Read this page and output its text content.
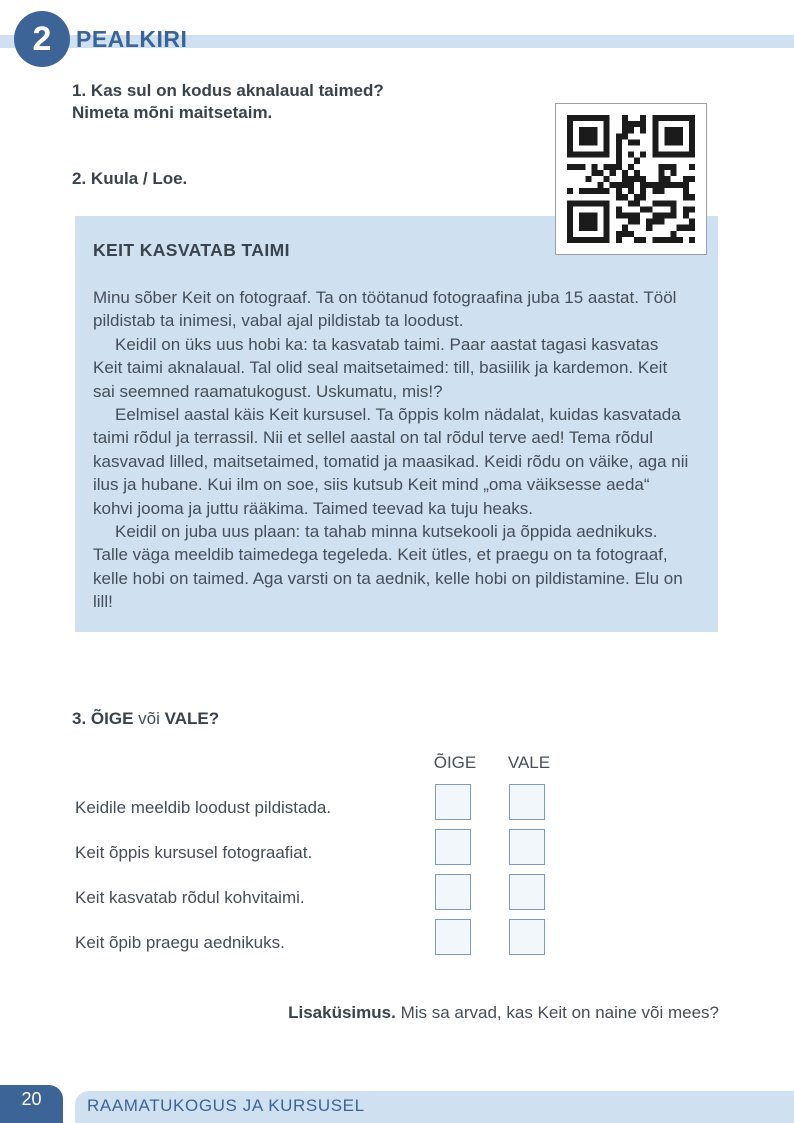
2 PEALKIRI

1. Kas sul on kodus aknalaual taimed?

Nimeta mõni maitsetaim.

2. Kuula / Loe.

KEIT KASVATAB TAIMI

Minu sõber Keit on fotograaf. Ta on töötanud fotograafina juba 15 aastat. Tööl pildistab ta inimesi, vabal ajal pildistab ta loodust.

Keidil on üks uus hobi ka: ta kasvatab taimi. Paar aastat tagasi kasvatas Keit taimi aknalaual. Tal olid seal maitsetaimed: till, basiilik ja kardemon. Keit sai seemned raamatukogust. Uskumatu, mis!?

Eelmisel aastal käis Keit kursusel. Ta õppis kolm nädalat, kuidas kasvatada taimi rõdul ja terrassil. Nii et sellel aastal on tal rõdul terve aed! Tema rõdul kasvavad lilled, maitsetaimed, tomatid ja maasikad. Keidi rõdu on väike, aga nii ilus ja hubane. Kui ilm on soe, siis kutsub Keit mind „oma väiksesse aeda“ kohvi jooma ja juttu rääkima. Taimed teevad ka tuju heaks.

Keidil on juba uus plaan: ta tahab minna kutsekooli ja õppida aednikuks. Talle väga meeldib taimedega tegeleda. Keit ütles, et praegu on ta fotograaf, kelle hobi on taimed. Aga varsti on ta aednik, kelle hobi on pildistamine. Elu on lill!

3. ÕIGE või VALE?

ÕIGE	VALE

Keidile meeldib loodust pildistada.

Keit õppis kursusel fotograafiat.

Keit kasvatab rõdul kohvitaimi.

Keit õpib praegu aednikuks.

Lisaküsimus. Mis sa arvad, kas Keit on naine või mees?

20	RAAMATUKOGUS JA KURSUSEL
